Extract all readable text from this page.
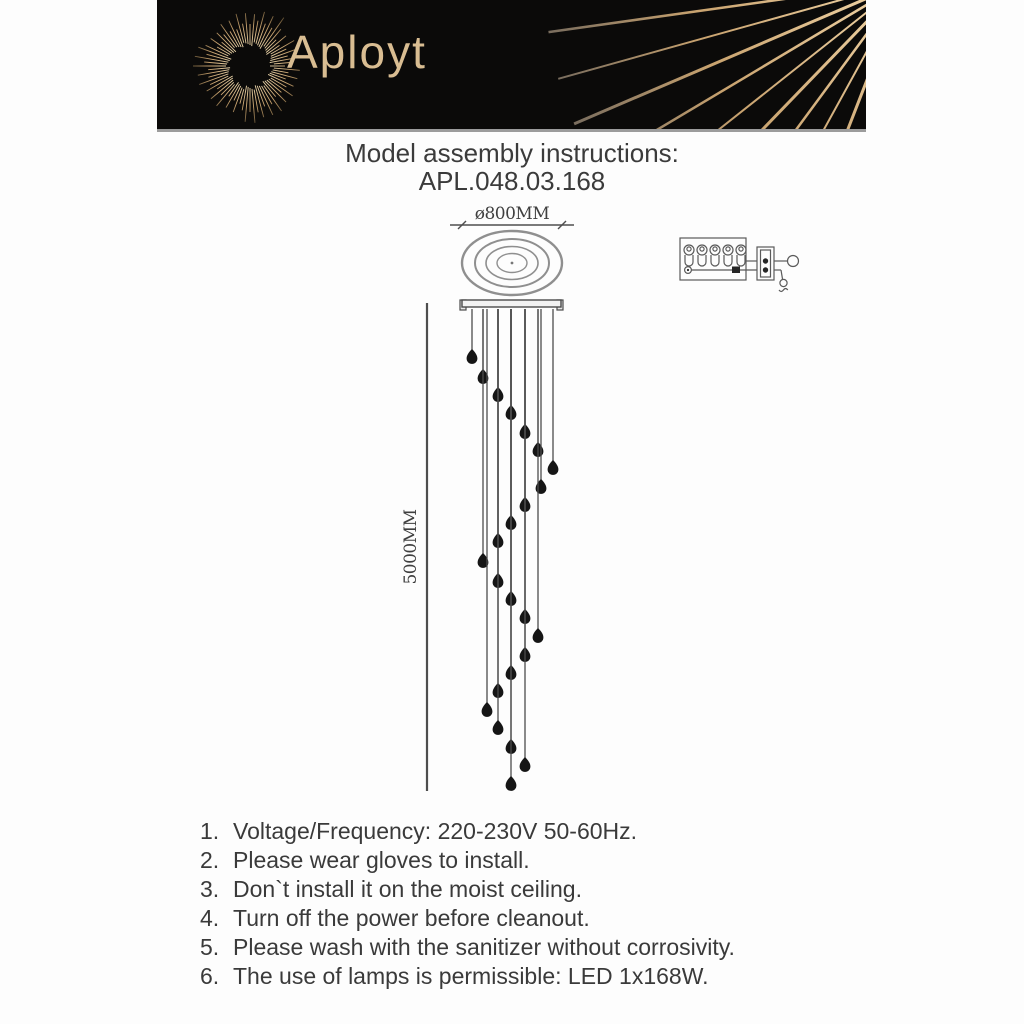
Aployt
Model assembly instructions:
APL.048.03.168
ø800MM
5000MM
1. Voltage/Frequency: 220-230V 50-60Hz.
2. Please wear gloves to install.
3. Don`t install it on the moist ceiling.
4. Turn off the power before cleanout.
5. Please wash with the sanitizer without corrosivity.
6. The use of lamps is permissible: LED 1x168W.
